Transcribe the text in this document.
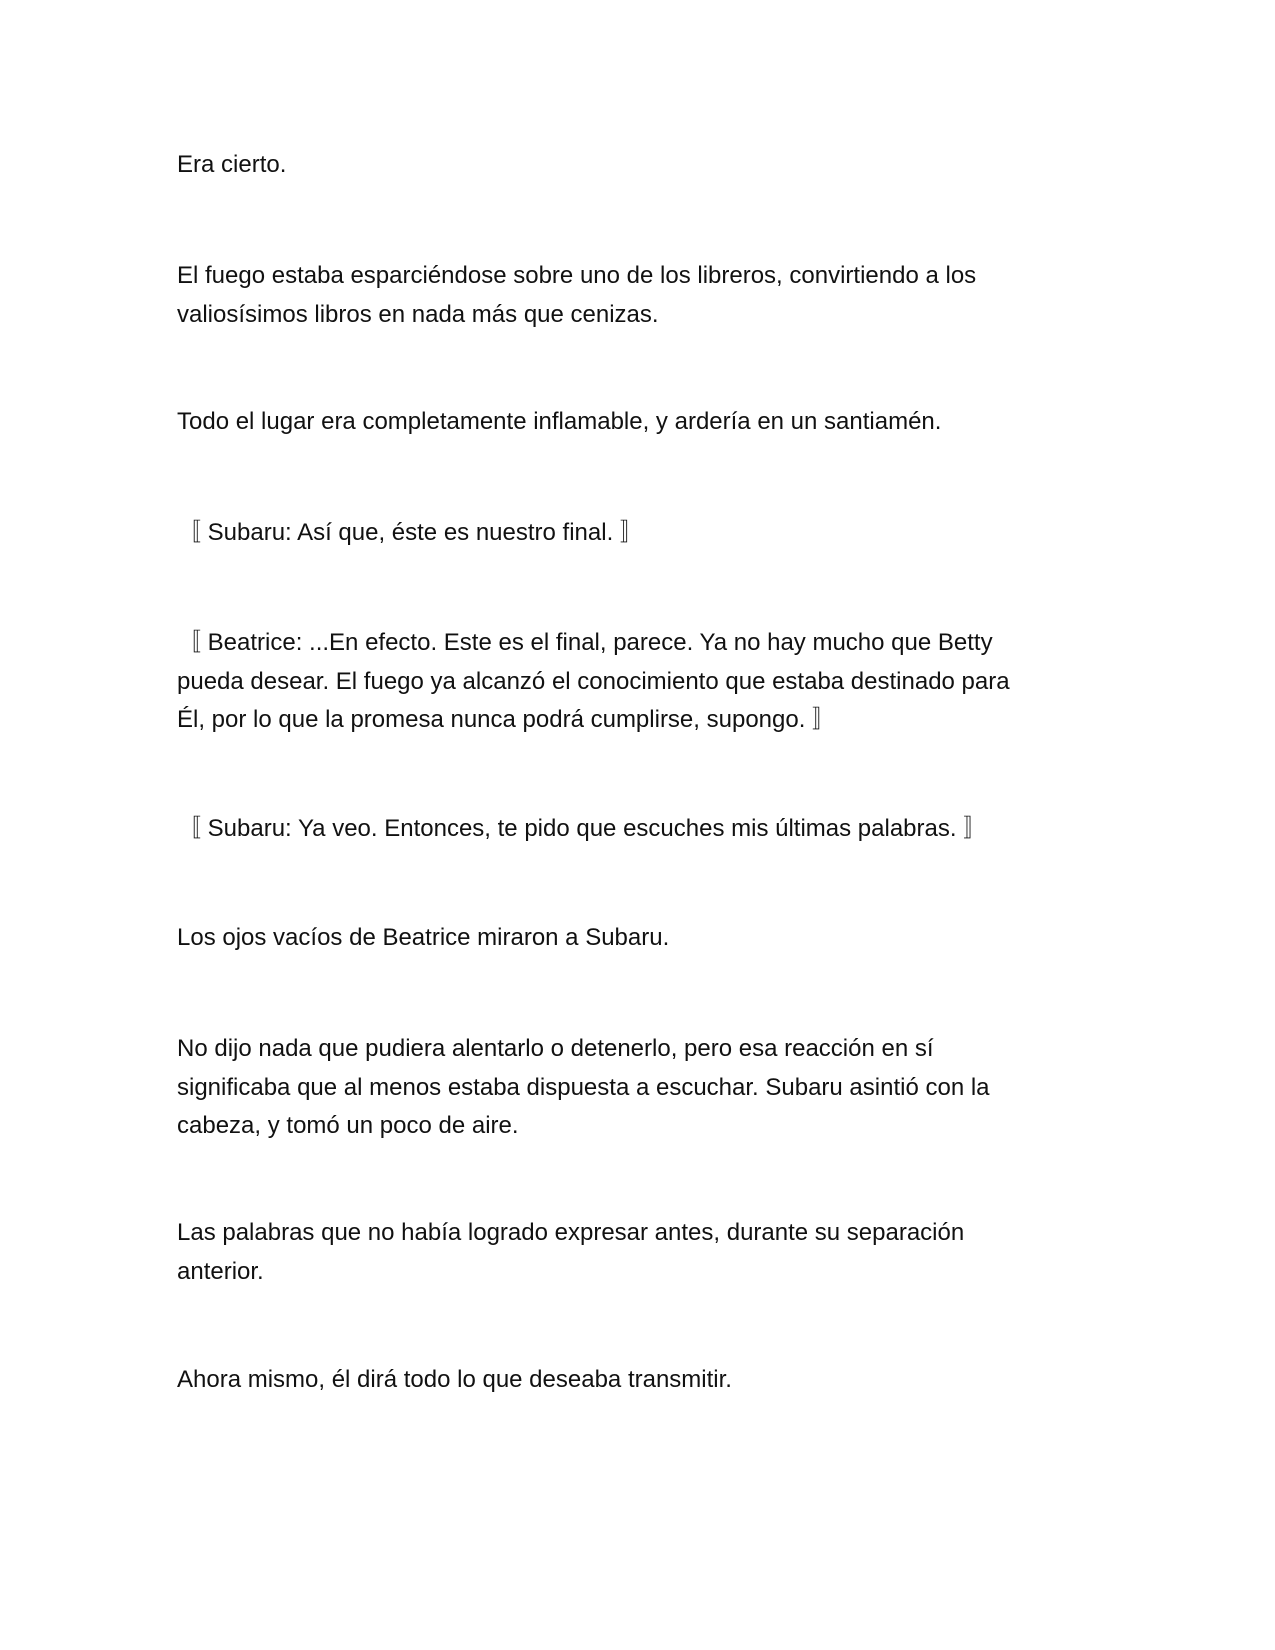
Era cierto.

El fuego estaba esparciéndose sobre uno de los libreros, convirtiendo a los
valiosísimos libros en nada más que cenizas.

Todo el lugar era completamente inflamable, y ardería en un santiamén.

〚 Subaru: Así que, éste es nuestro final. 〛

〚 Beatrice: ...En efecto. Este es el final, parece. Ya no hay mucho que Betty
pueda desear. El fuego ya alcanzó el conocimiento que estaba destinado para
Él, por lo que la promesa nunca podrá cumplirse, supongo. 〛

〚 Subaru: Ya veo. Entonces, te pido que escuches mis últimas palabras. 〛

Los ojos vacíos de Beatrice miraron a Subaru.

No dijo nada que pudiera alentarlo o detenerlo, pero esa reacción en sí
significaba que al menos estaba dispuesta a escuchar. Subaru asintió con la
cabeza, y tomó un poco de aire.

Las palabras que no había logrado expresar antes, durante su separación
anterior.

Ahora mismo, él dirá todo lo que deseaba transmitir.
